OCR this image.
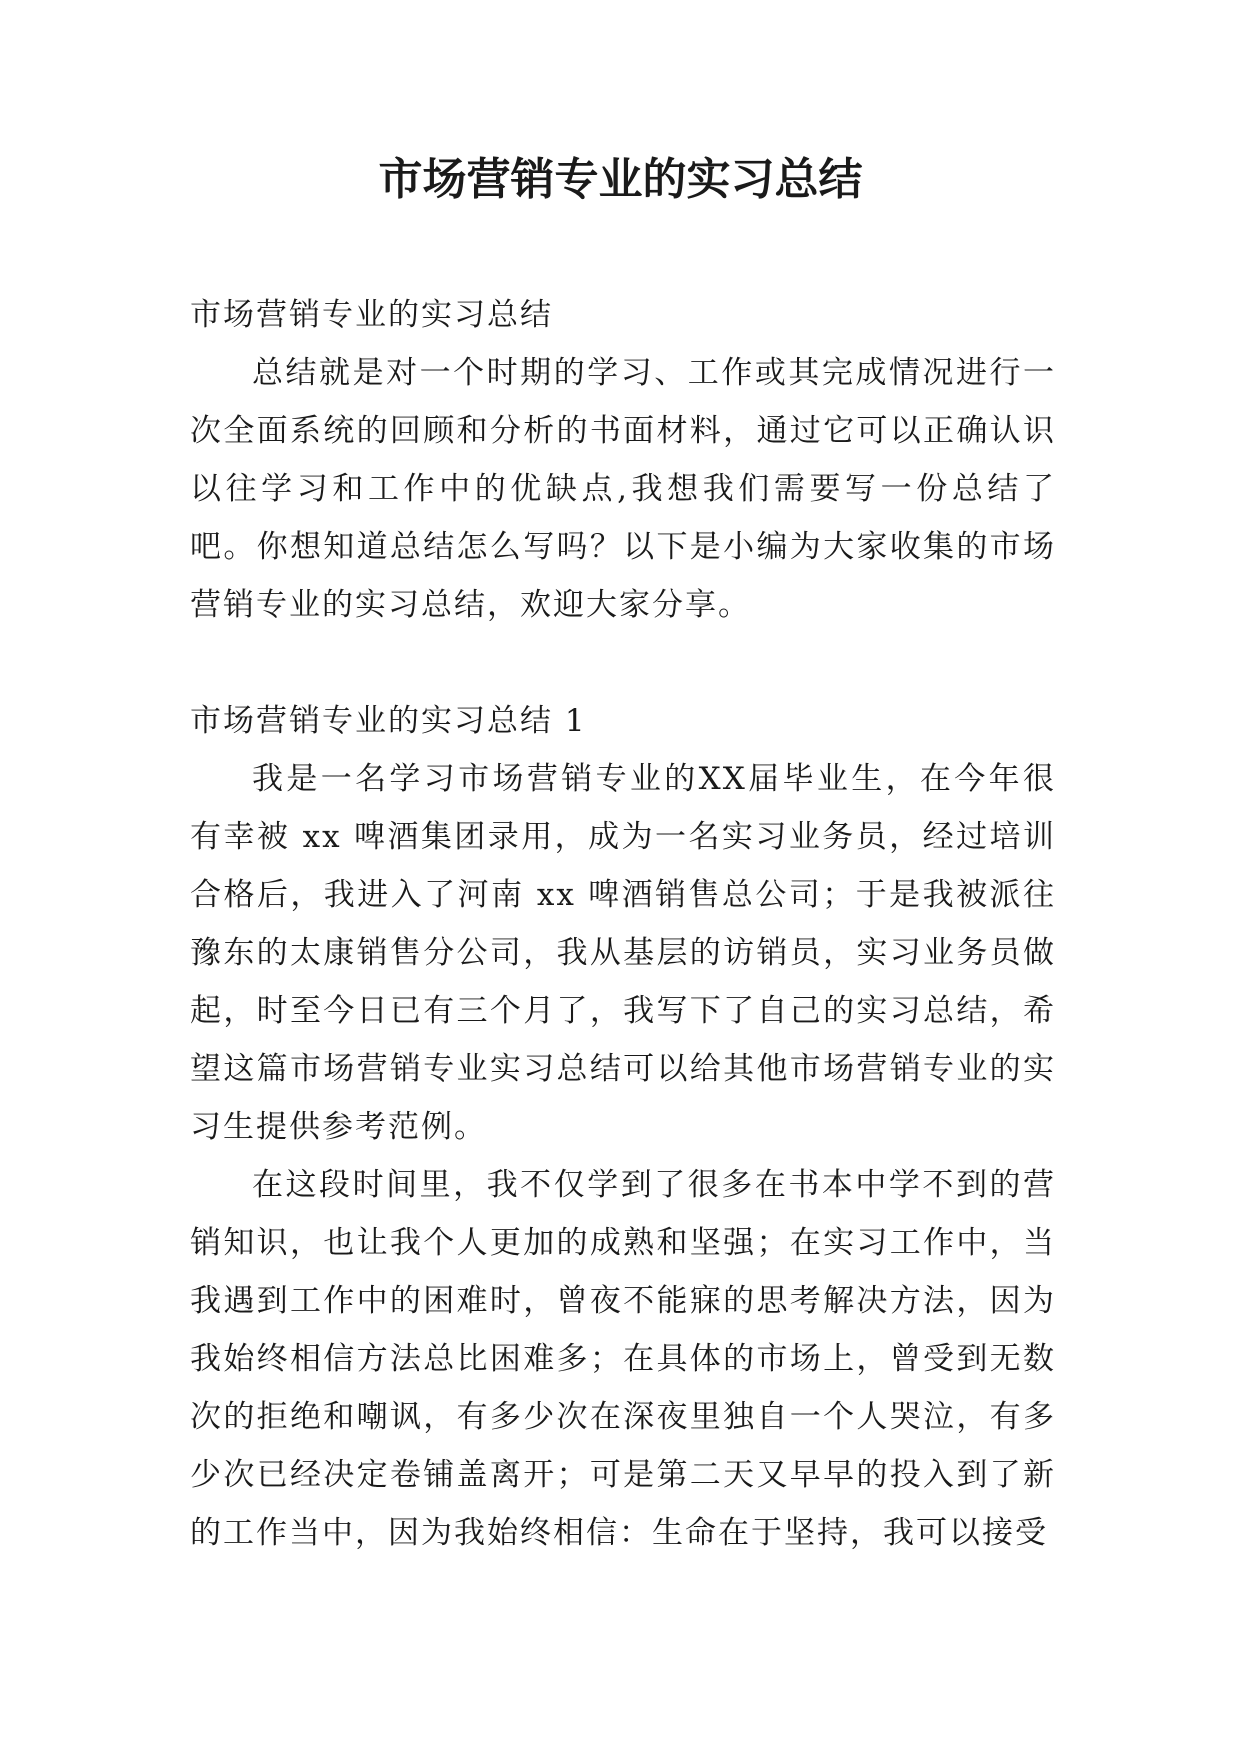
市场营销专业的实习总结

市场营销专业的实习总结

总结就是对一个时期的学习、工作或其完成情况进行一次全面系统的回顾和分析的书面材料，通过它可以正确认识以往学习和工作中的优缺点,我想我们需要写一份总结了吧。你想知道总结怎么写吗？以下是小编为大家收集的市场营销专业的实习总结，欢迎大家分享。

市场营销专业的实习总结 1

我是一名学习市场营销专业的XX届毕业生，在今年很有幸被 xx 啤酒集团录用，成为一名实习业务员，经过培训合格后，我进入了河南 xx 啤酒销售总公司；于是我被派往豫东的太康销售分公司，我从基层的访销员，实习业务员做起，时至今日已有三个月了，我写下了自己的实习总结，希望这篇市场营销专业实习总结可以给其他市场营销专业的实习生提供参考范例。

在这段时间里，我不仅学到了很多在书本中学不到的营销知识，也让我个人更加的成熟和坚强；在实习工作中，当我遇到工作中的困难时，曾夜不能寐的思考解决方法，因为我始终相信方法总比困难多；在具体的市场上，曾受到无数次的拒绝和嘲讽，有多少次在深夜里独自一个人哭泣，有多少次已经决定卷铺盖离开；可是第二天又早早的投入到了新的工作当中，因为我始终相信：生命在于坚持，我可以接受
